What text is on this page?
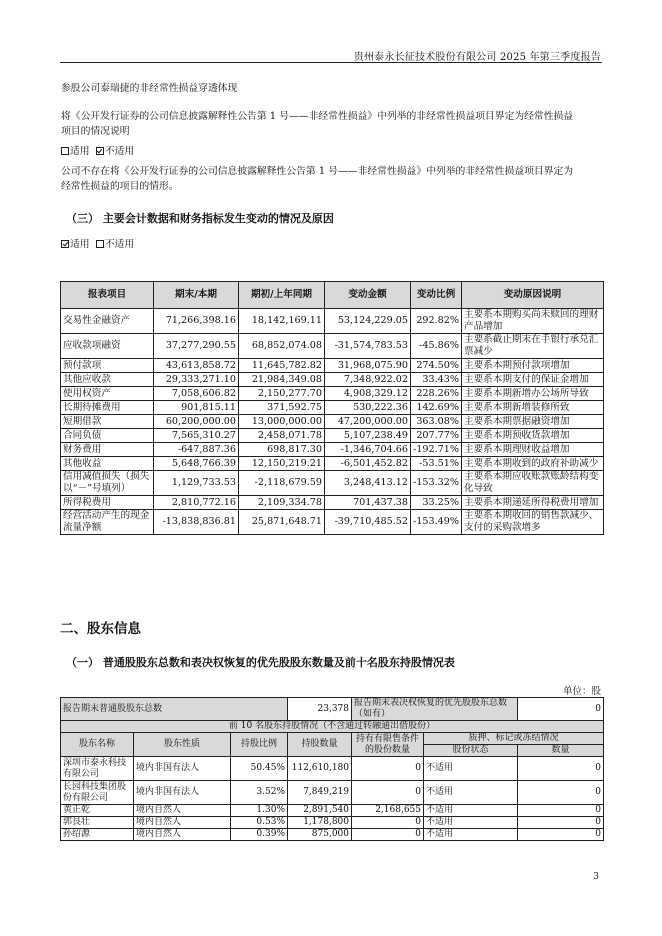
贵州泰永长征技术股份有限公司 2025 年第三季度报告
参股公司泰瑞捷的非经常性损益穿透体现
将《公开发行证券的公司信息披露解释性公告第 1 号——非经常性损益》中列举的非经常性损益项目界定为经常性损益
项目的情况说明
适用 不适用
公司不存在将《公开发行证券的公司信息披露解释性公告第 1 号——非经常性损益》中列举的非经常性损益项目界定为
经常性损益的项目的情形。
（三） 主要会计数据和财务指标发生变动的情况及原因
适用 不适用
报表项目	期末/本期	期初/上年同期	变动金额	变动比例	变动原因说明
交易性金融资产	71,266,398.16	18,142,169.11	53,124,229.05	292.82%	主要系本期购买尚未赎回的理财产品增加
应收款项融资	37,277,290.55	68,852,074.08	-31,574,783.53	-45.86%	主要系截止期末在手银行承兑汇票减少
预付款项	43,613,858.72	11,645,782.82	31,968,075.90	274.50%	主要系本期预付款项增加
其他应收款	29,333,271.10	21,984,349.08	7,348,922.02	33.43%	主要系本期支付的保证金增加
使用权资产	7,058,606.82	2,150,277.70	4,908,329.12	228.26%	主要系本期新增办公场所导致
长期待摊费用	901,815.11	371,592.75	530,222.36	142.69%	主要系本期新增装修所致
短期借款	60,200,000.00	13,000,000.00	47,200,000.00	363.08%	主要系本期票据融资增加
合同负债	7,565,310.27	2,458,071.78	5,107,238.49	207.77%	主要系本期预收货款增加
财务费用	-647,887.36	698,817.30	-1,346,704.66	-192.71%	主要系本期理财收益增加
其他收益	5,648,766.39	12,150,219.21	-6,501,452.82	-53.51%	主要系本期收到的政府补助减少
信用减值损失（损失以“－”号填列）	1,129,733.53	-2,118,679.59	3,248,413.12	-153.32%	主要系本期应收账款账龄结构变化导致
所得税费用	2,810,772.16	2,109,334.78	701,437.38	33.25%	主要系本期递延所得税费用增加
经营活动产生的现金流量净额	-13,838,836.81	25,871,648.71	-39,710,485.52	-153.49%	主要系本期收回的销售款减少、支付的采购款增多
二、股东信息
（一） 普通股股东总数和表决权恢复的优先股股东数量及前十名股东持股情况表
单位：股
报告期末普通股股东总数			23,378	报告期末表决权恢复的优先股股东总数（如有）		0
前 10 名股东持股情况（不含通过转融通出借股份）						
股东名称	股东性质	持股比例	持股数量	持有有限售条件的股份数量	质押、标记或冻结情况	
					股份状态	数量
深圳市泰永科技有限公司	境内非国有法人	50.45%	112,610,180	0	不适用	0
长园科技集团股份有限公司	境内非国有法人	3.52%	7,849,219	0	不适用	0
黄正乾	境内自然人	1.30%	2,891,540	2,168,655	不适用	0
郭艮壮	境内自然人	0.53%	1,178,800	0	不适用	0
孙绍源	境内自然人	0.39%	875,000	0	不适用	0
3
